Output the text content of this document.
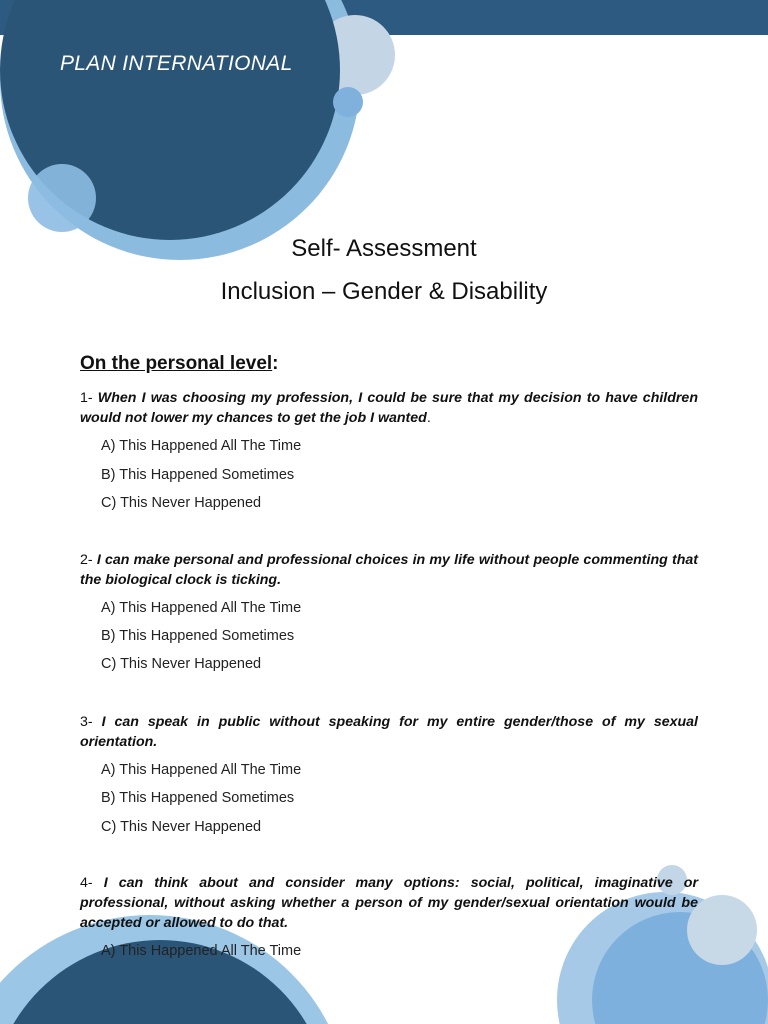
PLAN INTERNATIONAL
Self- Assessment
Inclusion – Gender & Disability
On the personal level:
1- When I was choosing my profession, I could be sure that my decision to have children would not lower my chances to get the job I wanted.
A) This Happened All The Time
B) This Happened Sometimes
C) This Never Happened
2- I can make personal and professional choices in my life without people commenting that the biological clock is ticking.
A) This Happened All The Time
B) This Happened Sometimes
C) This Never Happened
3- I can speak in public without speaking for my entire gender/those of my sexual orientation.
A) This Happened All The Time
B) This Happened Sometimes
C) This Never Happened
4- I can think about and consider many options: social, political, imaginative or professional, without asking whether a person of my gender/sexual orientation would be accepted or allowed to do that.
A) This Happened All The Time
